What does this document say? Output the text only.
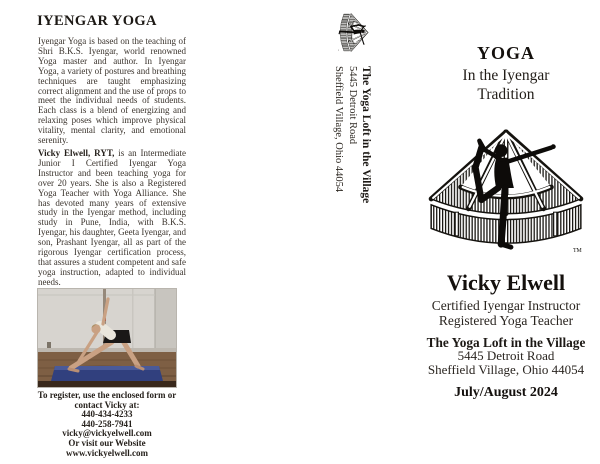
IYENGAR YOGA
Iyengar Yoga is based on the teaching of Shri B.K.S. Iyengar, world renowned Yoga master and author. In Iyengar Yoga, a variety of postures and breathing techniques are taught emphasizing correct alignment and the use of props to meet the individual needs of students. Each class is a blend of energizing and relaxing poses which improve physical vitality, mental clarity, and emotional serenity.
Vicky Elwell, RYT, is an Intermediate Junior I Certified Iyengar Yoga Instructor and been teaching yoga for over 20 years. She is also a Registered Yoga Teacher with Yoga Alliance. She has devoted many years of extensive study in the Iyengar method, including study in Pune, India, with B.K.S. Iyengar, his daughter, Geeta Iyengar, and son, Prashant Iyengar, all as part of the rigorous Iyengar certification process, that assures a student competent and safe yoga instruction, adapted to individual needs.
To register, use the enclosed form or
contact Vicky at:
440-434-4233
440-258-7941
vicky@vickyelwell.com
Or visit our Website
www.vickyelwell.com
The Yoga Loft in the Village
5445 Detroit Road
Sheffield Village, Ohio 44054
YOGA
In the Iyengar
Tradition
Vicky Elwell
Certified Iyengar Instructor
Registered Yoga Teacher
The Yoga Loft in the Village
5445 Detroit Road
Sheffield Village, Ohio 44054
July/August 2024
